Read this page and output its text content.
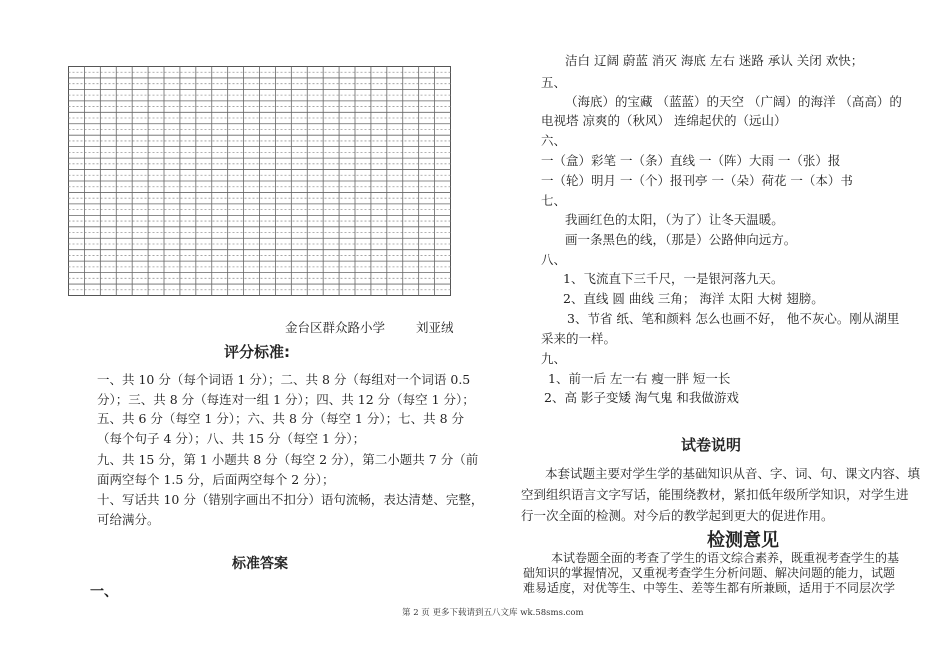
金台区群众路小学 刘亚绒
评分标准:
一、共 10 分（每个词语 1 分）；二、共 8 分（每组对一个词语 0.5
分）；三、共 8 分（每连对一组 1 分）；四、共 12 分（每空 1 分）；
五、共 6 分（每空 1 分）；六、共 8 分（每空 1 分）；七、共 8 分
（每个句子 4 分）；八、共 15 分（每空 1 分）；
九、共 15 分，第 1 小题共 8 分（每空 2 分），第二小题共 7 分（前
面两空每个 1.5 分，后面两空每个 2 分）；
十、写话共 10 分（错别字画出不扣分）语句流畅，表达清楚、完整，
可给满分。
标准答案
一、
洁白 辽阔 蔚蓝 消灭 海底 左右 迷路 承认 关闭 欢快；
五、
（海底）的宝藏 （蓝蓝）的天空 （广阔）的海洋 （高高）的
电视塔 凉爽的（秋风） 连绵起伏的（远山）
六、
一（盒）彩笔 一（条）直线 一（阵）大雨 一（张）报
一（轮）明月 一（个）报刊亭 一（朵）荷花 一（本）书
七、
我画红色的太阳，（为了）让冬天温暖。
画一条黑色的线，（那是）公路伸向远方。
八、
1、飞流直下三千尺，一是银河落九天。
2、直线 圆 曲线 三角； 海洋 太阳 大树 翅膀。
3、节省 纸、笔和颜料 怎么也画不好， 他不灰心。刚从湖里
采来的一样。
九、
1、前一后 左一右 瘦一胖 短一长
2、高 影子变矮 淘气鬼 和我做游戏
试卷说明
本套试题主要对学生学的基础知识从音、字、词、句、课文内容、填
空到组织语言文字写话，能围绕教材，紧扣低年级所学知识，对学生进
行一次全面的检测。对今后的教学起到更大的促进作用。
检测意见
本试卷题全面的考查了学生的语文综合素养，既重视考查学生的基
础知识的掌握情况，又重视考查学生分析问题、解决问题的能力，试题
难易适度，对优等生、中等生、差等生都有所兼顾，适用于不同层次学
第 2 页 更多下载请到五八文库 wk.58sms.com
